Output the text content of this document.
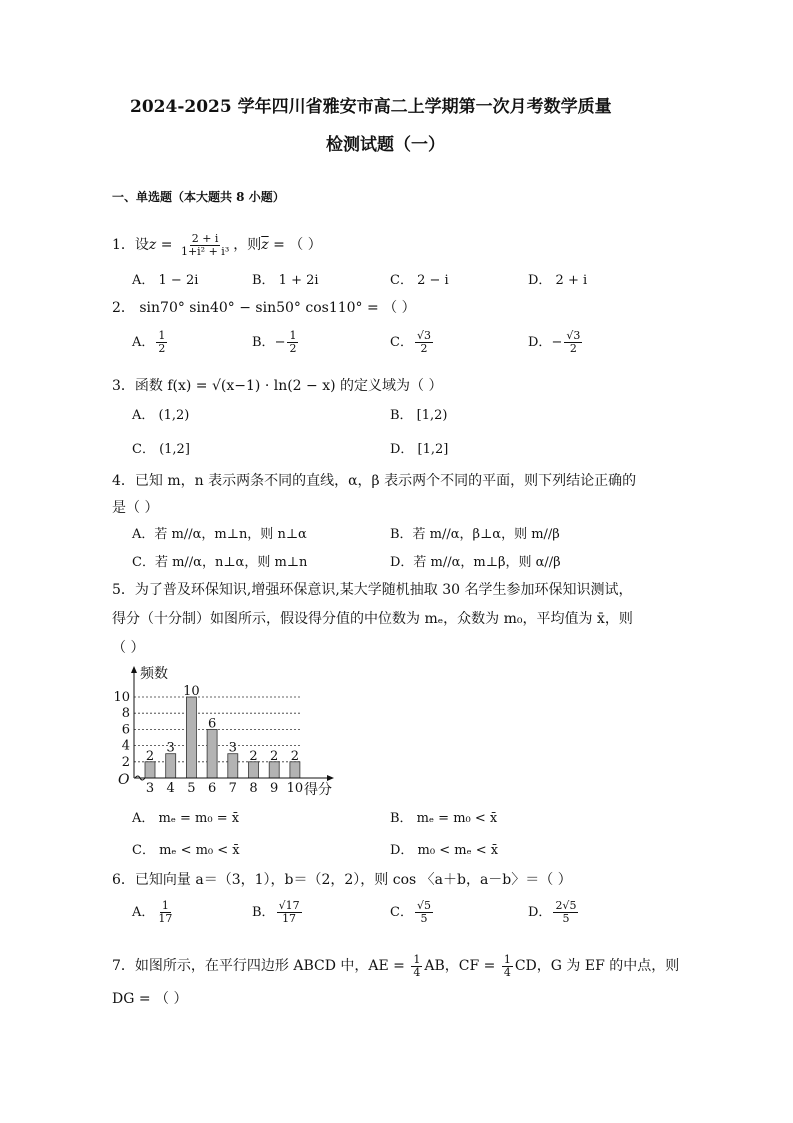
2024-2025 学年四川省雅安市高二上学期第一次月考数学质量
检测试题（一）
一、单选题（本大题共 8 小题）
1．设$z = \frac{2 + i}{\text{1+i² + i³}}$ ，则$\overline{z}$ = （ ）
A． 1 − 2i	B． 1 + 2i	C． 2 − i	D． 2 + i
2． sin70° sin40° − sin50° cos110° = （ ）
A． $\frac{1}{2}$	B．− $\frac{1}{2}$	C． $\frac{√3}{2}$	D．− $\frac{√3}{2}$
3．函数 f(x) = √(x−1) · ln(2 − x) 的定义域为（ ）
A． (1,2)	B． [1,2)
C． (1,2]	D． [1,2]
4．已知 m，n 表示两条不同的直线，α，β 表示两个不同的平面，则下列结论正确的
是（ ）
A．若 m//α，m⊥n，则 n⊥α	B．若 m//α，β⊥α，则 m//β
C．若 m//α，n⊥α，则 m⊥n	D．若 m//α，m⊥β，则 α//β
5．为了普及环保知识,增强环保意识,某大学随机抽取 30 名学生参加环保知识测试，
得分（十分制）如图所示，假设得分值的中位数为 mₑ，众数为 m₀，平均值为 x̄，则
（ ）
2
4
6
8
10
2
3
3
4
10
5
6
6
3
7
2
8
2
9
2
10
频数
得分
O
A． mₑ = m₀ = x̄	B． mₑ = m₀ < x̄
C． mₑ < m₀ < x̄	D． m₀ < mₑ < x̄
6．已知向量 a＝（3，1），b＝（2，2），则 cos 〈a＋b，a－b〉＝（ ）
A． $\frac{1}{17}$	B． $\frac{√17}{17}$	C． $\frac{√5}{5}$	D． $\frac{2√5}{5}$
7．如图所示，在平行四边形 ABCD 中，AE = $\frac{1}{4}$ AB，CF = $\frac{1}{4}$ CD，G 为 EF 的中点，则
DG = （ ）
